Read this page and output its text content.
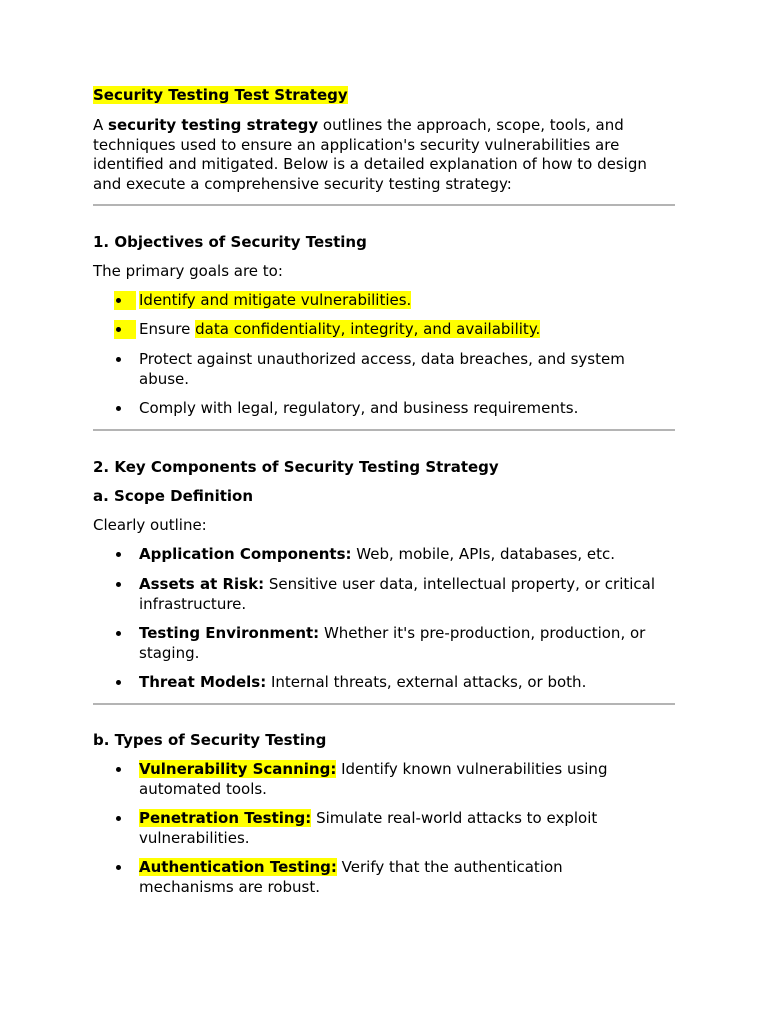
Security Testing Test Strategy
A security testing strategy outlines the approach, scope, tools, and
techniques used to ensure an application's security vulnerabilities are
identified and mitigated. Below is a detailed explanation of how to design
and execute a comprehensive security testing strategy:
1. Objectives of Security Testing
The primary goals are to:
Identify and mitigate vulnerabilities.
Ensure data confidentiality, integrity, and availability.
Protect against unauthorized access, data breaches, and system
abuse.
Comply with legal, regulatory, and business requirements.
2. Key Components of Security Testing Strategy
a. Scope Definition
Clearly outline:
Application Components: Web, mobile, APIs, databases, etc.
Assets at Risk: Sensitive user data, intellectual property, or critical
infrastructure.
Testing Environment: Whether it's pre-production, production, or
staging.
Threat Models: Internal threats, external attacks, or both.
b. Types of Security Testing
Vulnerability Scanning: Identify known vulnerabilities using
automated tools.
Penetration Testing: Simulate real-world attacks to exploit
vulnerabilities.
Authentication Testing: Verify that the authentication
mechanisms are robust.
